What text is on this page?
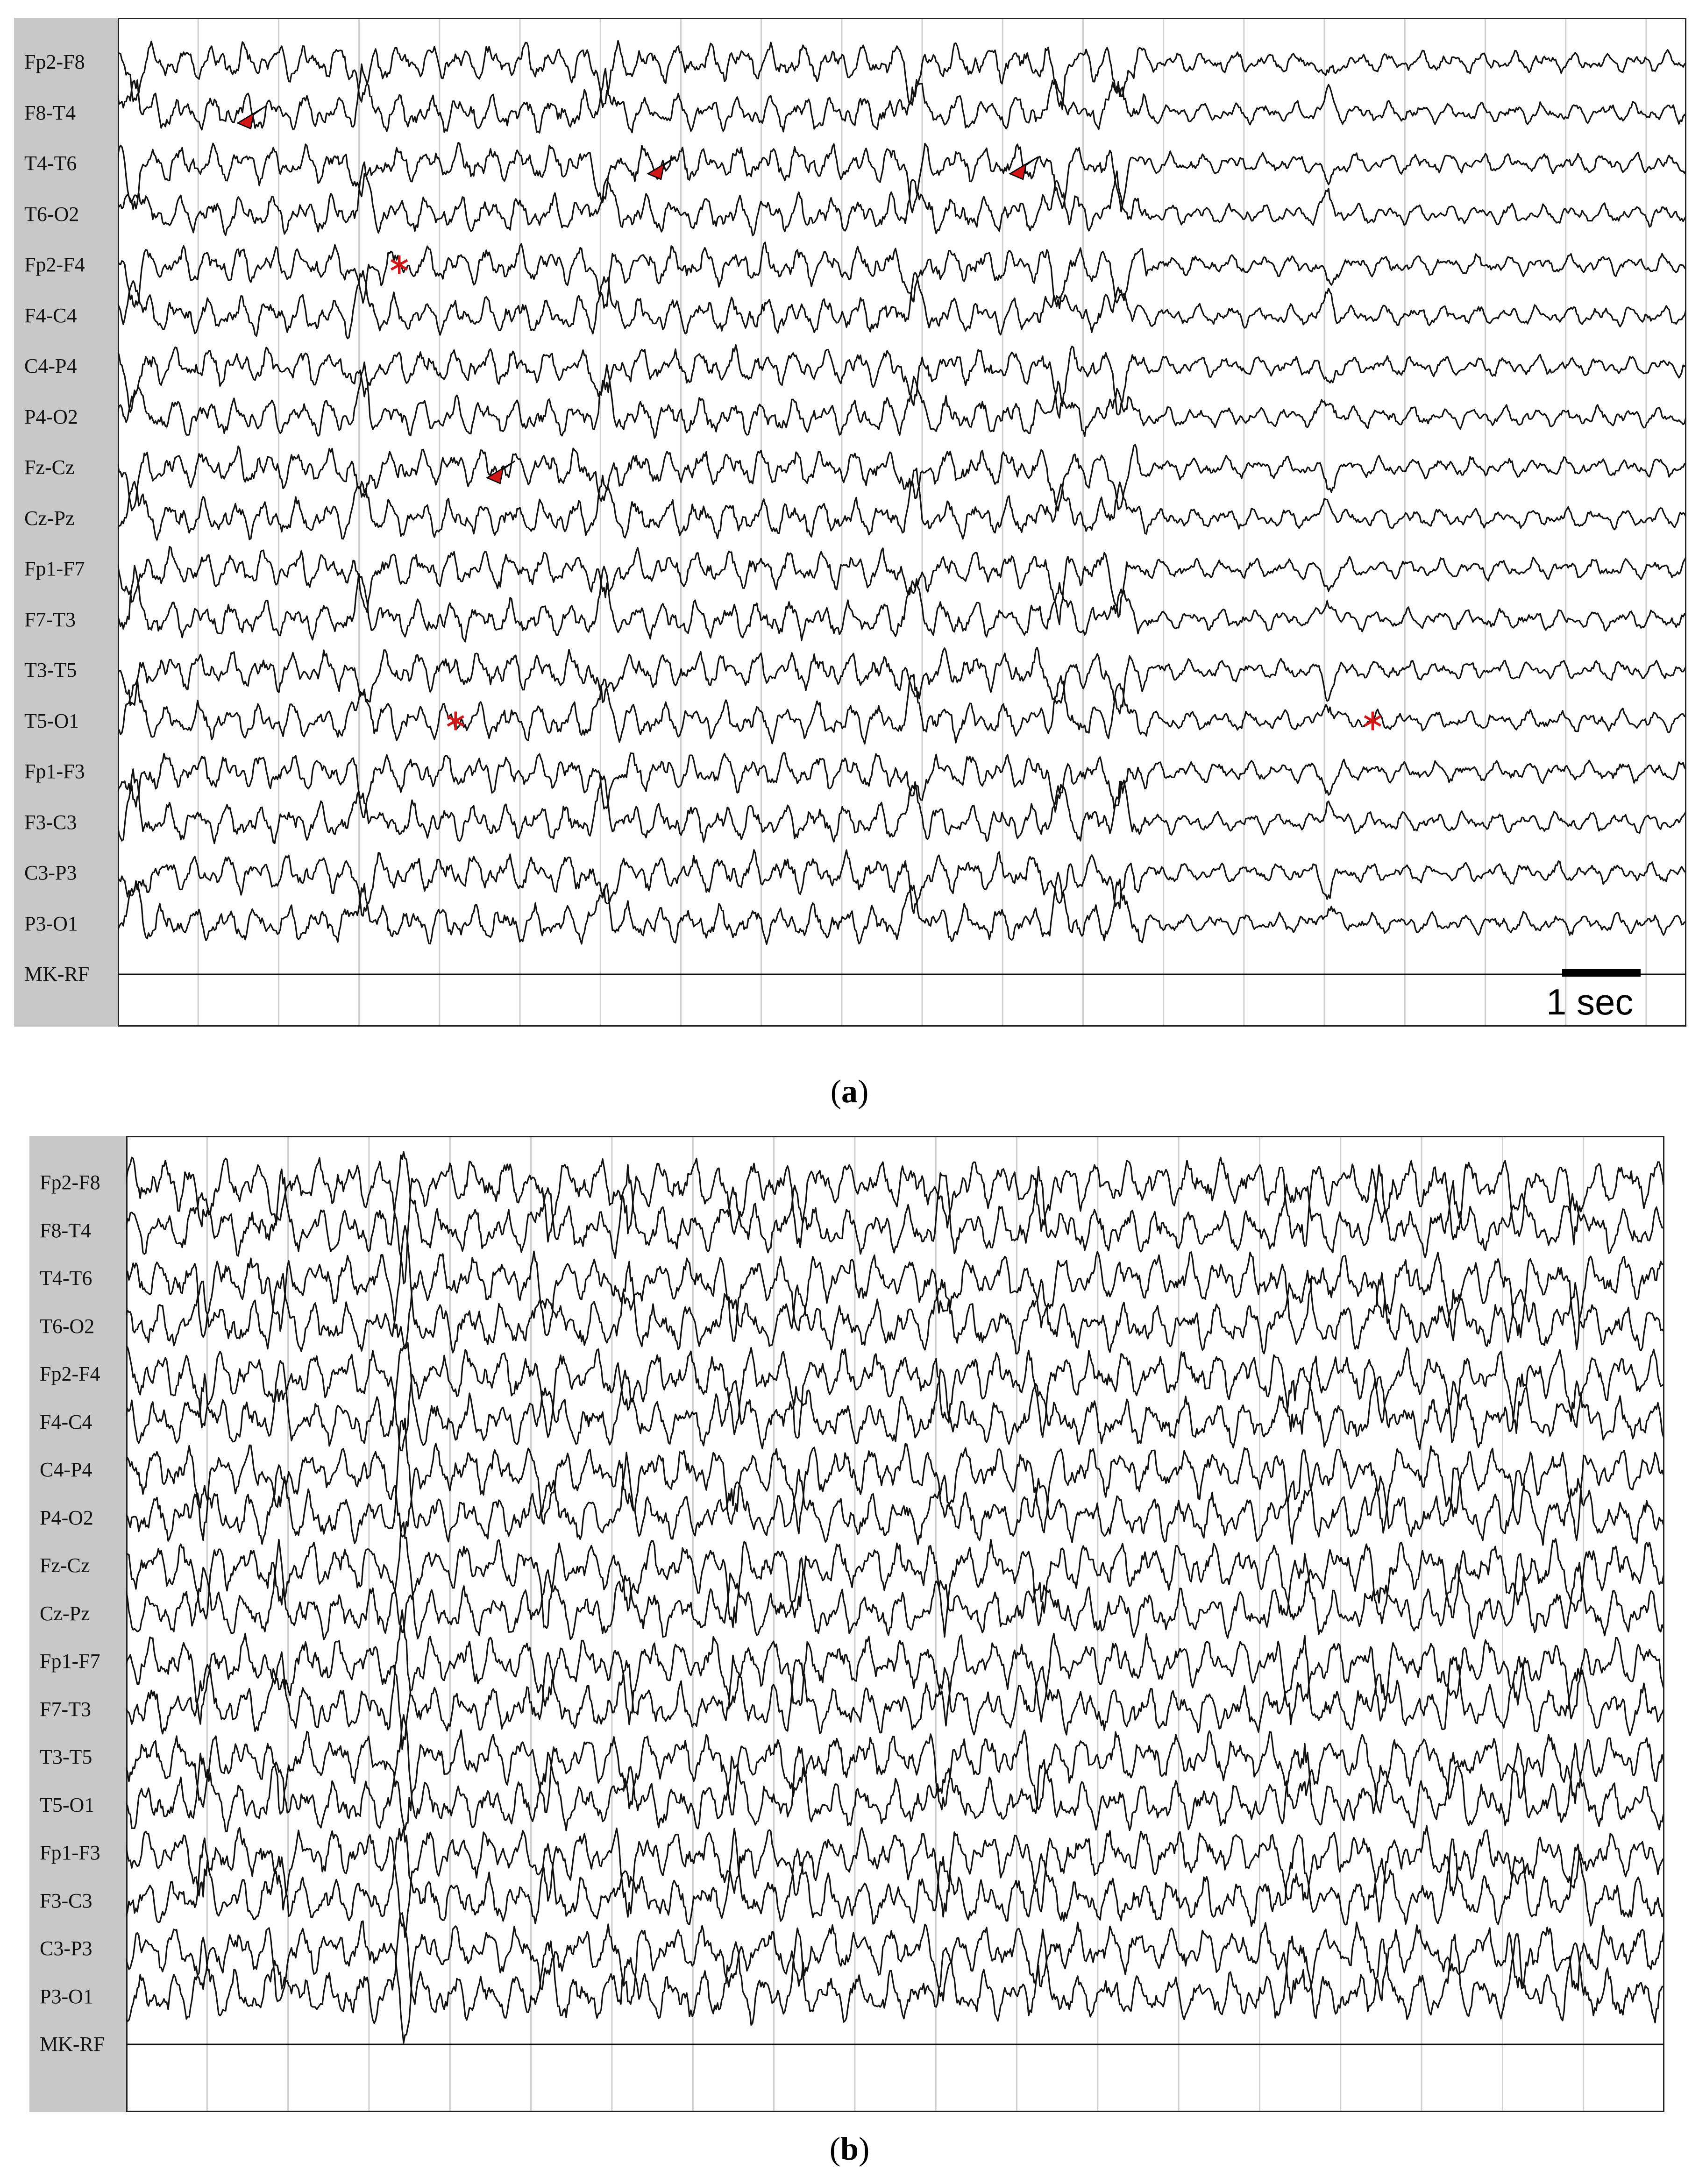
Fp2-F8
F8-T4
T4-T6
T6-O2
Fp2-F4
F4-C4
C4-P4
P4-O2
Fz-Cz
Cz-Pz
Fp1-F7
F7-T3
T3-T5
T5-O1
Fp1-F3
F3-C3
C3-P3
P3-O1
MK-RF
1 sec
(a)
Fp2-F8
F8-T4
T4-T6
T6-O2
Fp2-F4
F4-C4
C4-P4
P4-O2
Fz-Cz
Cz-Pz
Fp1-F7
F7-T3
T3-T5
T5-O1
Fp1-F3
F3-C3
C3-P3
P3-O1
MK-RF
(b)
